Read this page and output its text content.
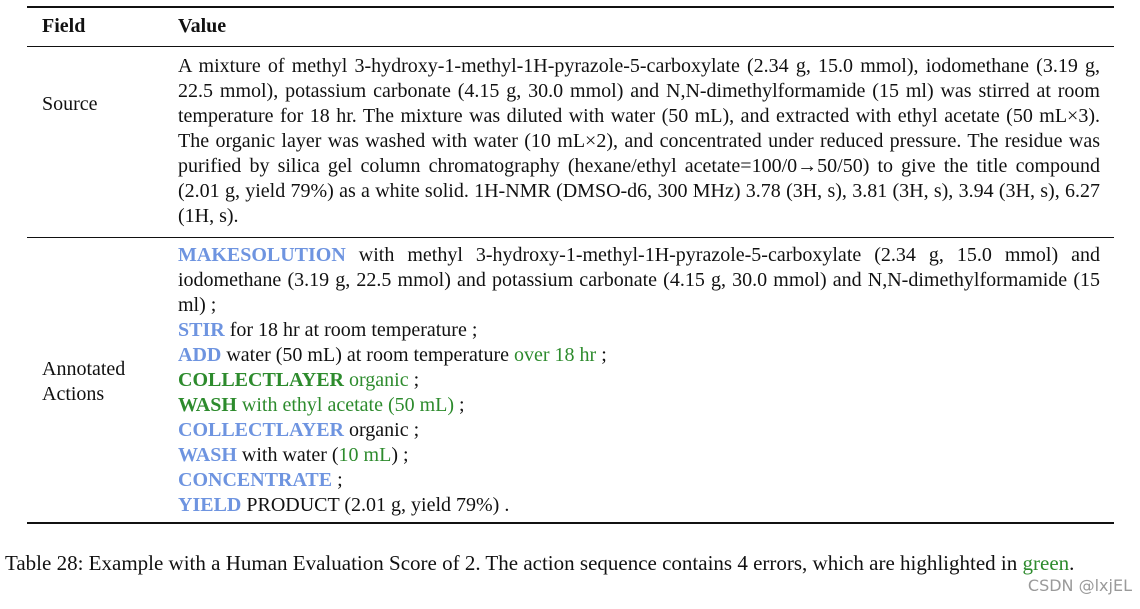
Field	Value
Source
Annotated
Actions
A mixture of methyl 3-hydroxy-1-methyl-1H-pyrazole-5-carboxylate (2.34 g, 15.0 mmol), iodomethane (3.19 g, 22.5 mmol), potassium carbonate (4.15 g, 30.0 mmol) and N,N-dimethylformamide (15 ml) was stirred at room temperature for 18 hr. The mixture was diluted with water (50 mL), and extracted with ethyl acetate (50 mL×3). The organic layer was washed with water (10 mL×2), and concentrated under reduced pressure. The residue was purified by silica gel column chromatography (hexane/ethyl acetate=100/0→50/50) to give the title compound (2.01 g, yield 79%) as a white solid. 1H-NMR (DMSO-d6, 300 MHz) 3.78 (3H, s), 3.81 (3H, s), 3.94 (3H, s), 6.27 (1H, s).
MAKESOLUTION with methyl 3-hydroxy-1-methyl-1H-pyrazole-5-carboxylate (2.34 g, 15.0 mmol) and iodomethane (3.19 g, 22.5 mmol) and potassium carbonate (4.15 g, 30.0 mmol) and N,N-dimethylformamide (15 ml) ;
STIR for 18 hr at room temperature ;
ADD water (50 mL) at room temperature over 18 hr ;
COLLECTLAYER organic ;
WASH with ethyl acetate (50 mL) ;
COLLECTLAYER organic ;
WASH with water (10 mL) ;
CONCENTRATE ;
YIELD PRODUCT (2.01 g, yield 79%) .
Table 28: Example with a Human Evaluation Score of 2. The action sequence contains 4 errors, which are highlighted in green.
CSDN @lxjEL
